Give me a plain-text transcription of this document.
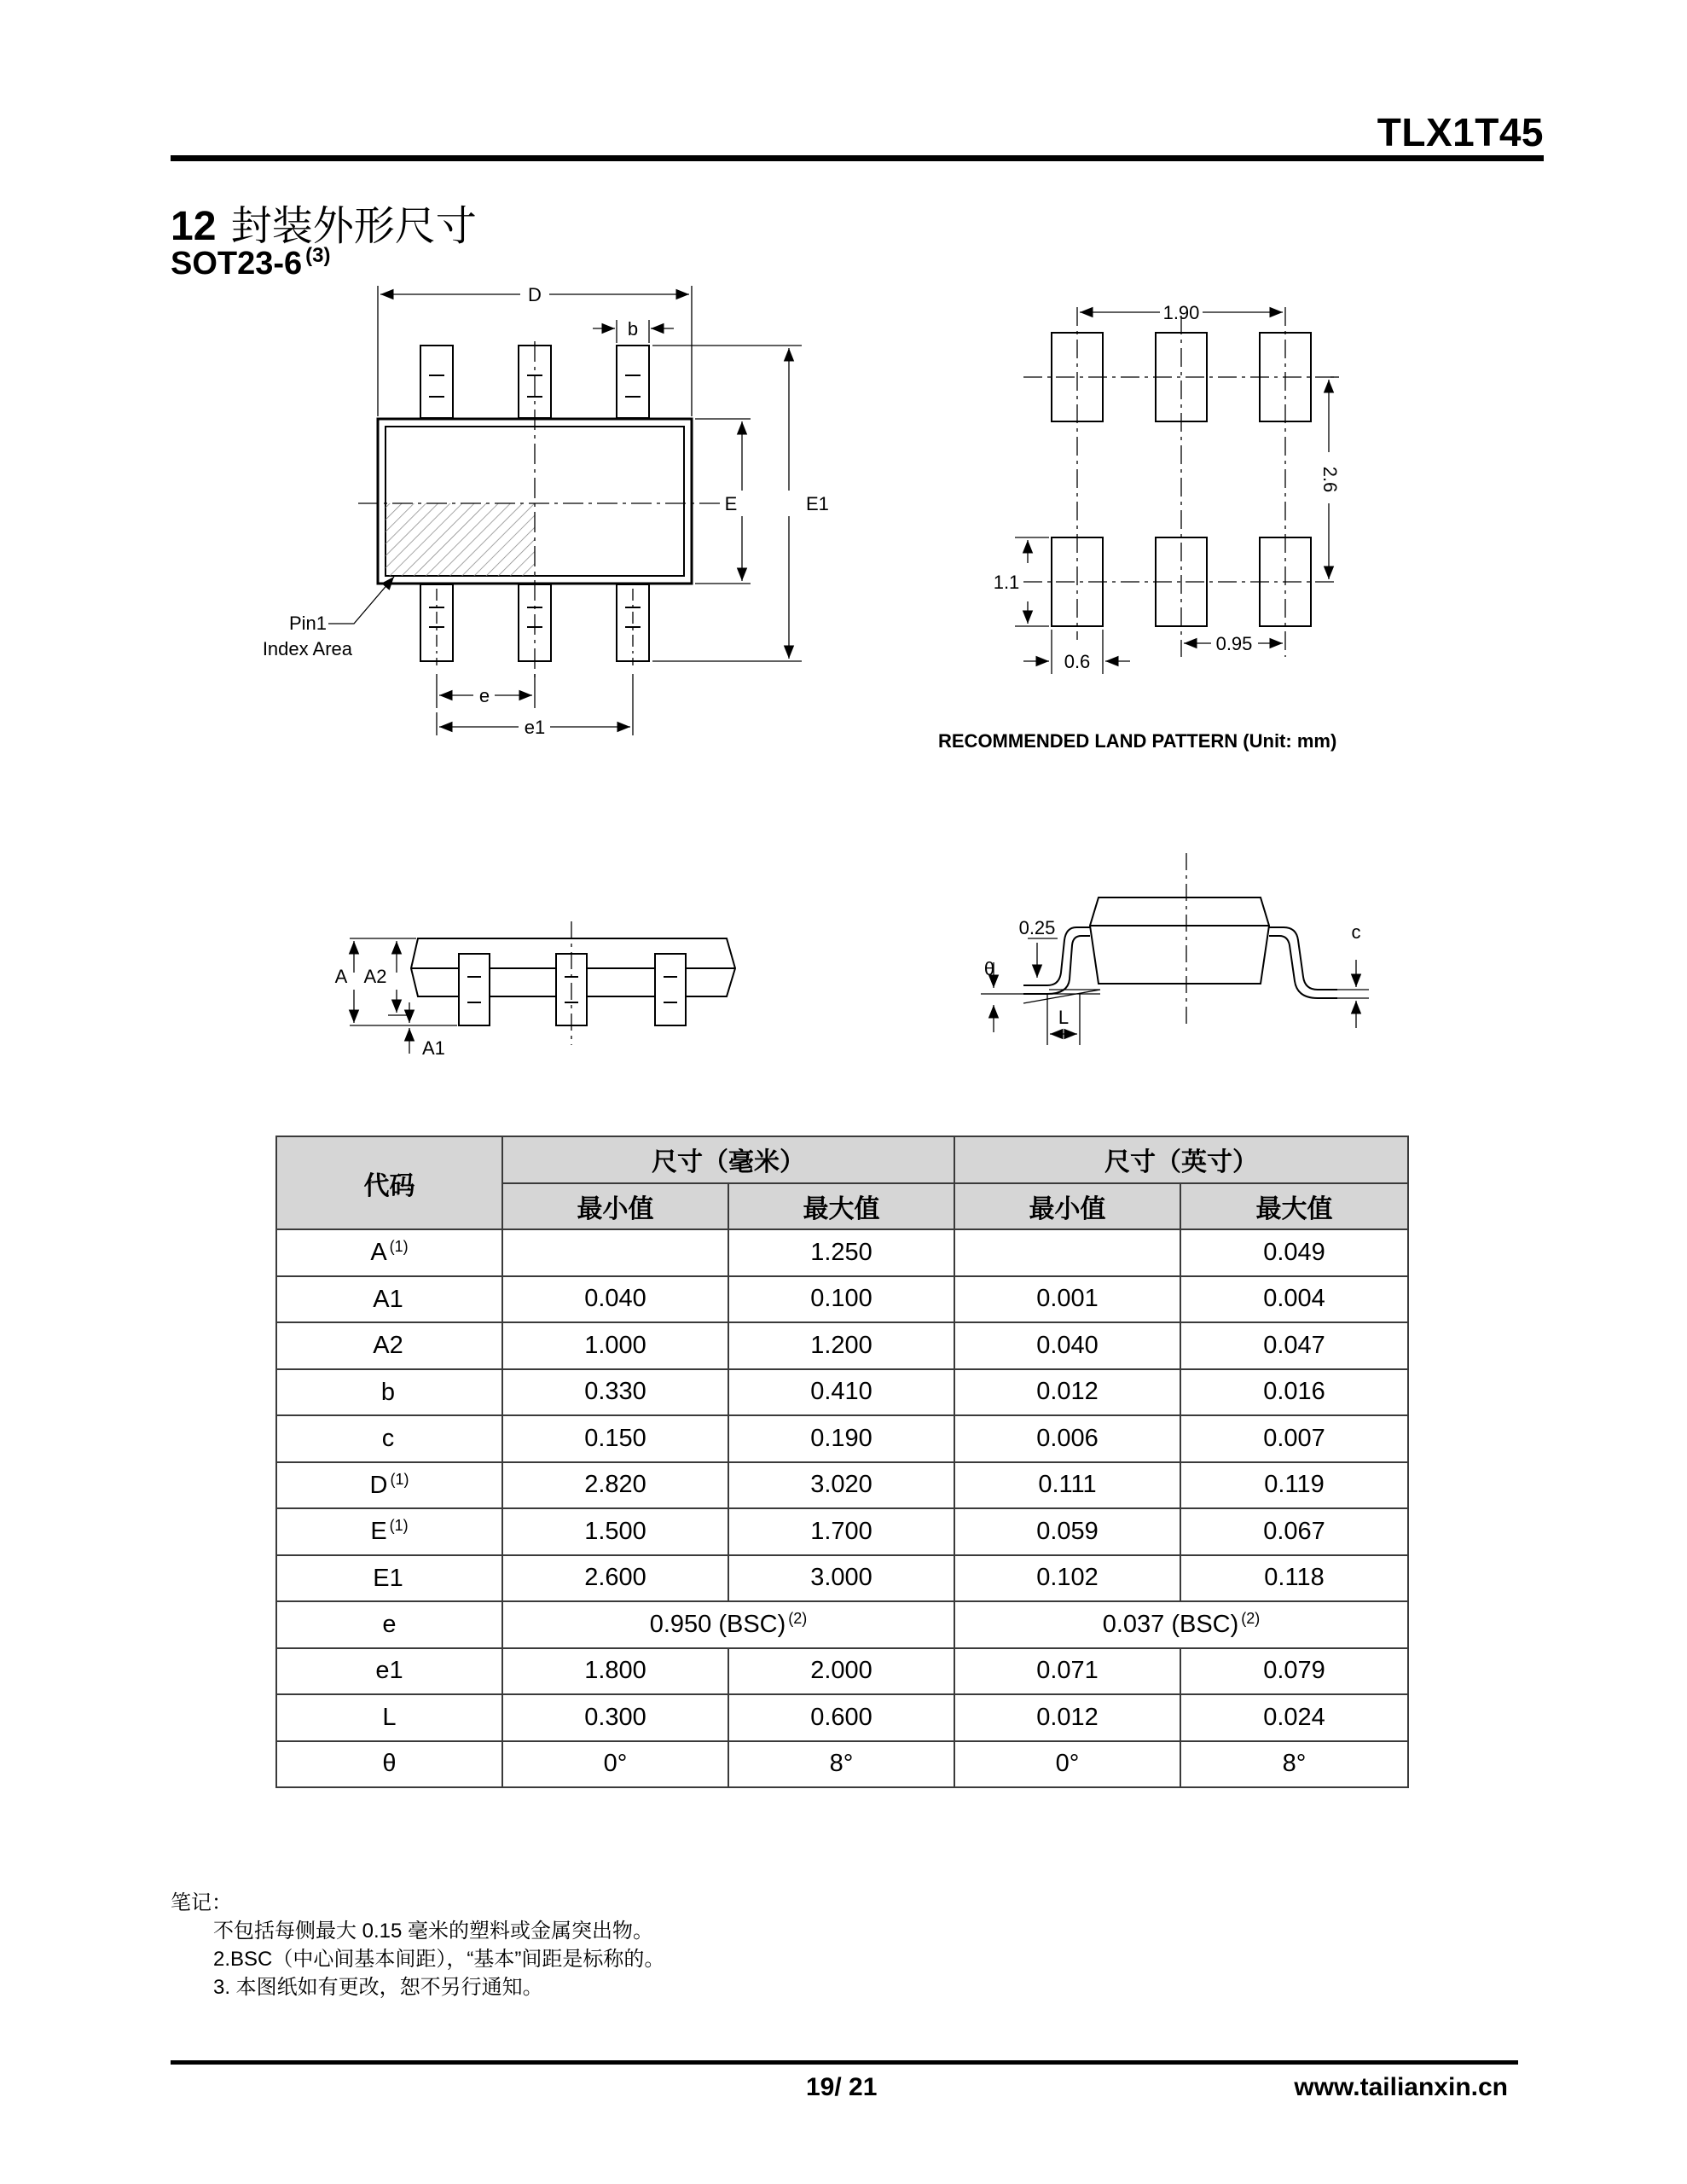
TLX1T45
12 封装外形尺寸
SOT23-6 $^{(3)}$
D
b
E	E1
e
e1
Pin1
Index Area
1.90
2.6
1.1
0.6
0.95
RECOMMENDED LAND PATTERN (Unit: mm)
A A2
A1
0.25
θ
L
c
代码	尺寸（毫米）		尺寸（英寸）	
	最小值	最大值	最小值	最大值
A $^{(1)}$		1.250		0.049
A1	0.040	0.100	0.001	0.004
A2	1.000	1.200	0.040	0.047
b	0.330	0.410	0.012	0.016
c	0.150	0.190	0.006	0.007
D $^{(1)}$	2.820	3.020	0.111	0.119
E $^{(1)}$	1.500	1.700	0.059	0.067
E1	2.600	3.000	0.102	0.118
e	0.950 (BSC) $^{(2)}$		0.037 (BSC) $^{(2)}$
e1	1.800	2.000	0.071	0.079
L	0.300	0.600	0.012	0.024
θ	0°	8°	0°	8°
笔记：
不包括每侧最大 0.15 毫米的塑料或金属突出物。
2.BSC（中心间基本间距），“基本”间距是标称的。
3. 本图纸如有更改，恕不另行通知。
19/ 21	www.tailianxin.cn
